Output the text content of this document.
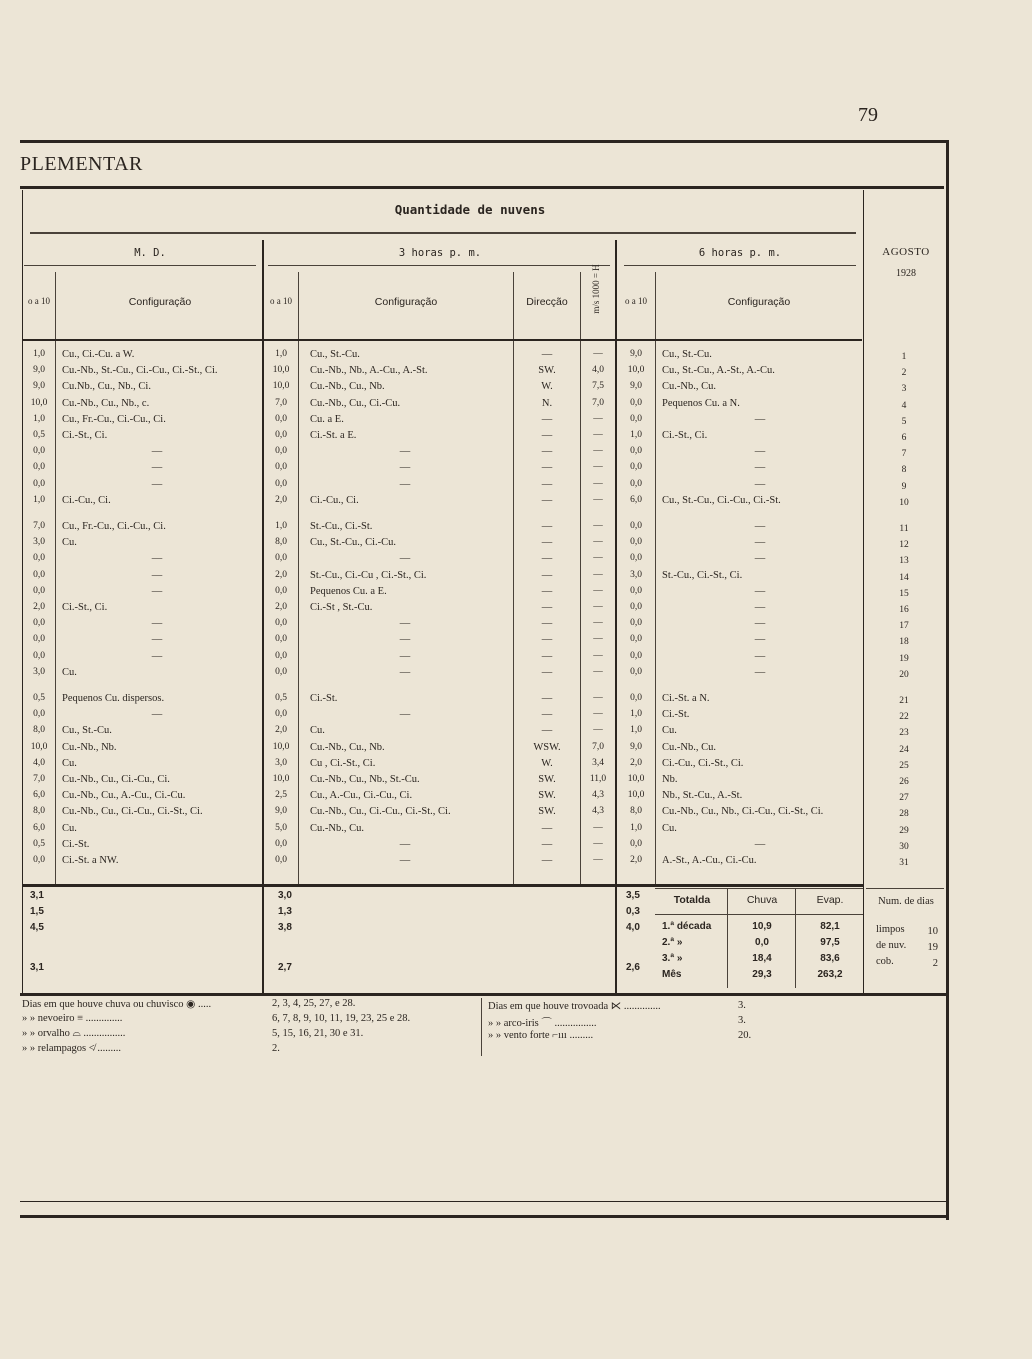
79
PLEMENTAR
Quantidade de nuvens
M. D.	3 horas p. m.	6 horas p. m.	AGOSTO
1928
o a 10	Configuração	o a 10	Configuração	Direcção	m/s 1000 = H	o a 10	Configuração
1,0	Cu., Ci.-Cu. a W.	1,0	Cu., St.-Cu.	—	—	9,0	Cu., St.-Cu.	1
9,0	Cu.-Nb., St.-Cu., Ci.-Cu., Ci.-St., Ci.	10,0	Cu.-Nb., Nb., A.-Cu., A.-St.	SW.	4,0	10,0	Cu., St.-Cu., A.-St., A.-Cu.	2
9,0	Cu.Nb., Cu., Nb., Ci.	10,0	Cu.-Nb., Cu., Nb.	W.	7,5	9,0	Cu.-Nb., Cu.	3
10,0	Cu.-Nb., Cu., Nb., c.	7,0	Cu.-Nb., Cu., Ci.-Cu.	N.	7,0	0,0	Pequenos Cu. a N.	4
1,0	Cu., Fr.-Cu., Ci.-Cu., Ci.	0,0	Cu. a E.	—	—	0,0	—	5
0,5	Ci.-St., Ci.	0,0	Ci.-St. a E.	—	—	1,0	Ci.-St., Ci.	6
0,0	—	0,0	—	—	—	0,0	—	7
0,0	—	0,0	—	—	—	0,0	—	8
0,0	—	0,0	—	—	—	0,0	—	9
1,0	Ci.-Cu., Ci.	2,0	Ci.-Cu., Ci.	—	—	6,0	Cu., St.-Cu., Ci.-Cu., Ci.-St.	10
7,0	Cu., Fr.-Cu., Ci.-Cu., Ci.	1,0	St.-Cu., Ci.-St.	—	—	0,0	—	11
3,0	Cu.	8,0	Cu., St.-Cu., Ci.-Cu.	—	—	0,0	—	12
0,0	—	0,0	—	—	—	0,0	—	13
0,0	—	2,0	St.-Cu., Ci.-Cu , Ci.-St., Ci.	—	—	3,0	St.-Cu., Ci.-St., Ci.	14
0,0	—	0,0	Pequenos Cu. a E.	—	—	0,0	—	15
2,0	Ci.-St., Ci.	2,0	Ci.-St , St.-Cu.	—	—	0,0	—	16
0,0	—	0,0	—	—	—	0,0	—	17
0,0	—	0,0	—	—	—	0,0	—	18
0,0	—	0,0	—	—	—	0,0	—	19
3,0	Cu.	0,0	—	—	—	0,0	—	20
0,5	Pequenos Cu. dispersos.	0,5	Ci.-St.	—	—	0,0	Ci.-St. a N.	21
0,0	—	0,0	—	—	—	1,0	Ci.-St.	22
8,0	Cu., St.-Cu.	2,0	Cu.	—	—	1,0	Cu.	23
10,0	Cu.-Nb., Nb.	10,0	Cu.-Nb., Cu., Nb.	WSW.	7,0	9,0	Cu.-Nb., Cu.	24
4,0	Cu.	3,0	Cu , Ci.-St., Ci.	W.	3,4	2,0	Ci.-Cu., Ci.-St., Ci.	25
7,0	Cu.-Nb., Cu., Ci.-Cu., Ci.	10,0	Cu.-Nb., Cu., Nb., St.-Cu.	SW.	11,0	10,0	Nb.	26
6,0	Cu.-Nb., Cu., A.-Cu., Ci.-Cu.	2,5	Cu., A.-Cu., Ci.-Cu., Ci.	SW.	4,3	10,0	Nb., St.-Cu., A.-St.	27
8,0	Cu.-Nb., Cu., Ci.-Cu., Ci.-St., Ci.	9,0	Cu.-Nb., Cu., Ci.-Cu., Ci.-St., Ci.	SW.	4,3	8,0	Cu.-Nb., Cu., Nb., Ci.-Cu., Ci.-St., Ci.	28
6,0	Cu.	5,0	Cu.-Nb., Cu.	—	—	1,0	Cu.	29
0,5	Ci.-St.	0,0	—	—	—	0,0	—	30
0,0	Ci.-St. a NW.	0,0	—	—	—	2,0	A.-St., A.-Cu., Ci.-Cu.	31
3,1	3,0	3,5
1,5	1,3	0,3
4,5	3,8	4,0
3,1	2,7	2,6
Totalda	Chuva	Evap.
1.ª década	10,9	82,1
2.ª »	0,0	97,5
3.ª »	18,4	83,6
Mês	29,3	263,2
Num. de dias
limpos	10
de nuv.	19
cob.	2
Dias em que houve chuva ou chuvisco ◉ .....	2, 3, 4, 25, 27, e 28.
» » nevoeiro ≡ ..............	6, 7, 8, 9, 10, 11, 19, 23, 25 e 28.
» » orvalho ⌓ ................	5, 15, 16, 21, 30 e 31.
» » relampagos ≮ .........	2.
Dias em que houve trovoada ⋉ ..............	3.
» » arco-iris ⌒ ................	3.
» » vento forte ⌐ııı .........	20.
